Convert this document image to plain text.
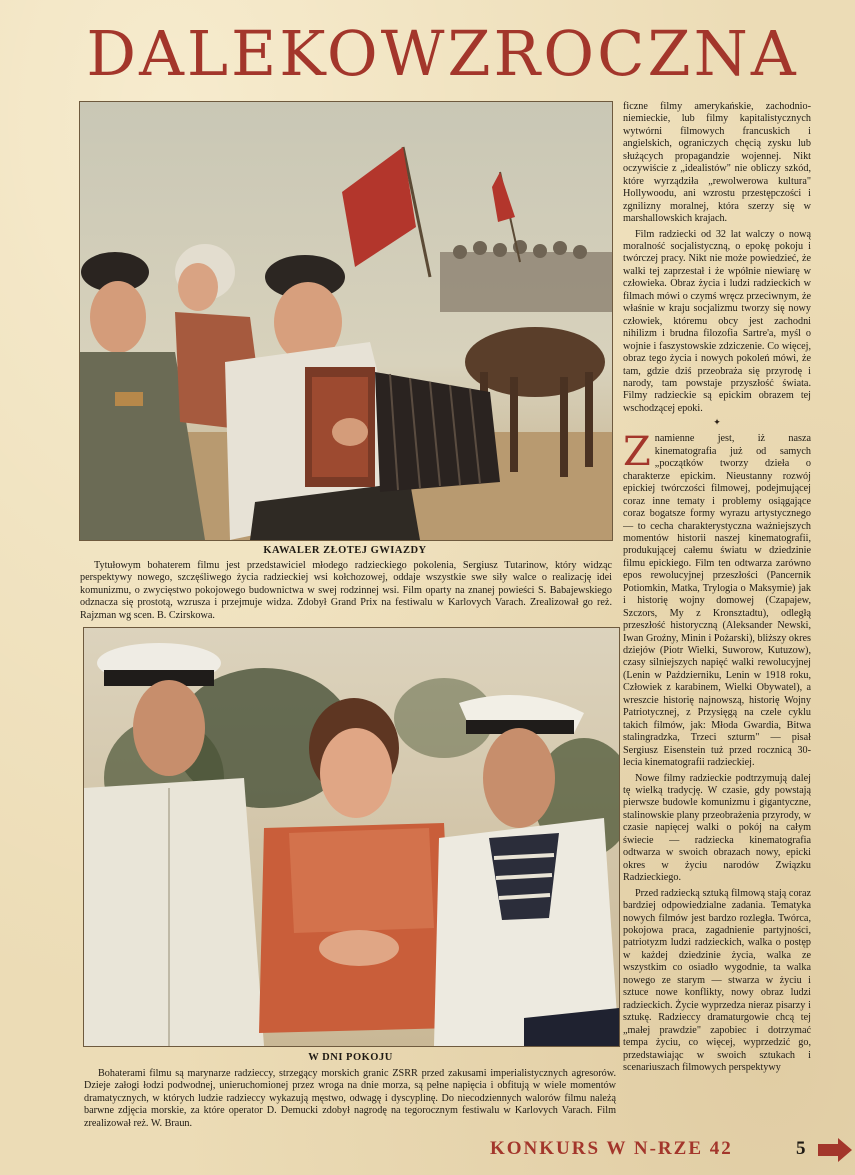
DALEKOWZROCZNA
KAWALER ZŁOTEJ GWIAZDY

Tytułowym bohaterem filmu jest przedstawiciel młodego radzieckiego pokolenia, Sergiusz Tutarinow, który widząc perspektywy nowego, szczęśliwego życia radzieckiej wsi kołchozowej, oddaje wszystkie swe siły walce o realizację idei komunizmu, o zwycięstwo pokojowego budownictwa w swej rodzinnej wsi. Film oparty na znanej powieści S. Babajewskiego odznacza się prostotą, wzrusza i przejmuje widza. Zdobył Grand Prix na festiwalu w Karlovych Varach. Zrealizował go reż. Rajzman wg scen. B. Czirskowa.

W DNI POKOJU

Bohaterami filmu są marynarze radzieccy, strzegący morskich granic ZSRR przed zakusami imperialistycznych agresorów. Dzieje załogi łodzi podwodnej, unieruchomionej przez wroga na dnie morza, są pełne napięcia i obfitują w wiele momentów dramatycznych, w których ludzie radzieccy wykazują męstwo, odwagę i dyscyplinę. Do niecodziennych walorów filmu należą barwne zdjęcia morskie, za które operator D. Demucki zdobył nagrodę na tegorocznym festiwalu w Karlovych Varach. Film zrealizował reż. W. Braun.

ficzne filmy amerykańskie, zachodnio-niemieckie, lub filmy kapitalistycznych wytwórni filmowych francuskich i angielskich, ograniczych chęcią zysku lub służących propagandzie wojennej. Nikt oczywiście z „idealistów" nie obliczy szkód, które wyrządziła „rewolwerowa kultura" Hollywoodu, ani wzrostu przestępczości i zgnilizny moralnej, która szerzy się w marshallowskich krajach.

Film radziecki od 32 lat walczy o nową moralność socjalistyczną, o epokę pokoju i twórczej pracy. Nikt nie może powiedzieć, że walki tej zaprzestał i że wpółnie niewiarę w człowieka. Obraz życia i ludzi radzieckich w filmach mówi o czymś wręcz przeciwnym, że właśnie w kraju socjalizmu tworzy się nowy człowiek, któremu obcy jest zachodni nihilizm i brudna filozofia Sartre'a, myśl o wojnie i faszystowskie zdziczenie. Co więcej, obraz tego życia i nowych pokoleń mówi, że tam, gdzie dziś przeobraża się przyrodę i narody, tam powstaje przyszłość świata. Filmy radzieckie są epickim obrazem tej wschodzącej epoki.

✦

Znamienne jest, iż nasza kinematografia już od samych „początków tworzy dzieła o charakterze epickim. Nieustanny rozwój epickiej twórczości filmowej, podejmującej coraz inne tematy i problemy osiągające coraz bogatsze formy wyrazu artystycznego — to cecha charakterystyczna ważniejszych momentów historii naszej kinematografii, produkującej całemu światu w dziedzinie filmu epickiego. Film ten odtwarza zarówno epos rewolucyjnej przeszłości (Pancernik Potiomkin, Matka, Trylogia o Maksymie) jak i historię wojny domowej (Czapajew, Szczors, My z Kronsztadtu), odległą przeszłość historyczną (Aleksander Newski, Iwan Groźny, Minin i Pożarski), bliższy okres dziejów (Piotr Wielki, Suworow, Kutuzow), czasy silniejszych napięć walki rewolucyjnej (Lenin w Październiku, Lenin w 1918 roku, Człowiek z karabinem, Wielki Obywatel), a wreszcie historię najnowszą, historię Wojny Patriotycznej, z Przysięgą na czele cyklu takich filmów, jak: Młoda Gwardia, Bitwa stalingradzka, Trzeci szturm" — pisał Sergiusz Eisenstein tuż przed rocznicą 30-lecia kinematografii radzieckiej.

Nowe filmy radzieckie podtrzymują dalej tę wielką tradycję. W czasie, gdy powstają pierwsze budowle komunizmu i gigantyczne, stalinowskie plany przeobrażenia przyrody, w czasie napięcej walki o pokój na całym świecie — radziecka kinematografia odtwarza w swoich obrazach nowy, epicki okres w życiu narodów Związku Radzieckiego.

Przed radziecką sztuką filmową stają coraz bardziej odpowiedzialne zadania. Tematyka nowych filmów jest bardzo rozległa. Twórca, pokojowa praca, zagadnienie partyjności, patriotyzm ludzi radzieckich, walka o postęp w każdej dziedzinie życia, walka ze wszystkim co osiadło wygodnie, ta walka nowego ze starym — stwarza w życiu i sztuce nowe konflikty, nowy obraz ludzi radzieckich. Życie wyprzedza nieraz pisarzy i sztukę. Radzieccy dramaturgowie chcą tej „małej prawdzie" zapobiec i dotrzymać tempa życiu, co więcej, wyprzedzić go, przedstawiając w swoich sztukach i scenariuszach filmowych perspektywy

KONKURS W N-RZE 42	5
